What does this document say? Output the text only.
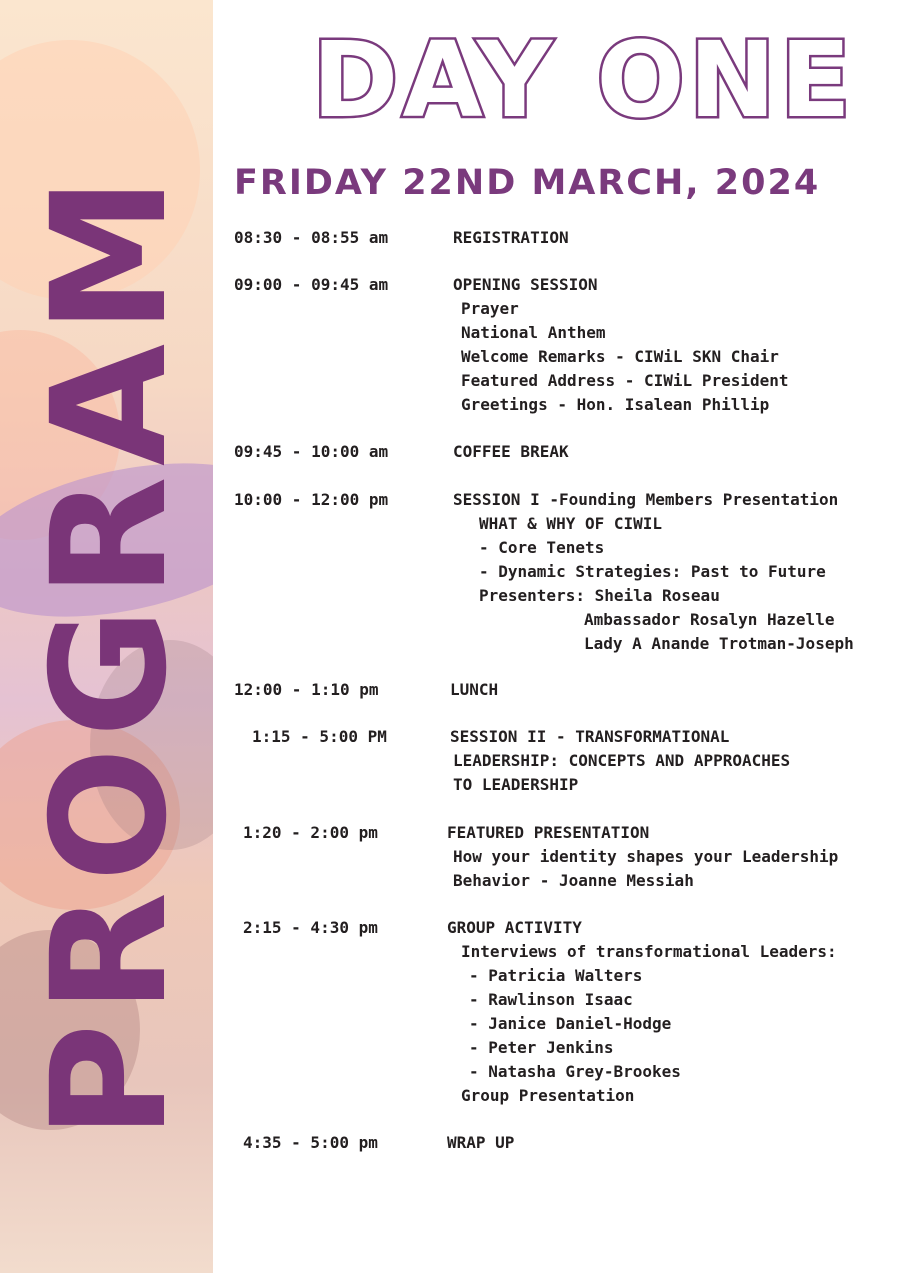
PROGRAM
DAY ONE
FRIDAY 22ND MARCH, 2024
08:30 - 08:55 am	REGISTRATION
09:00 - 09:45 am	OPENING SESSION
Prayer
National Anthem
Welcome Remarks - CIWiL SKN Chair
Featured Address - CIWiL President
Greetings - Hon. Isalean Phillip
09:45 - 10:00 am	COFFEE BREAK
10:00 - 12:00 pm	SESSION I -Founding Members Presentation
WHAT & WHY OF CIWIL
- Core Tenets
- Dynamic Strategies: Past to Future
Presenters: Sheila Roseau
Ambassador Rosalyn Hazelle
Lady A Anande Trotman-Joseph
12:00 - 1:10 pm	LUNCH
1:15 - 5:00 PM	SESSION II - TRANSFORMATIONAL
LEADERSHIP: CONCEPTS AND APPROACHES
TO LEADERSHIP
1:20 - 2:00 pm	FEATURED PRESENTATION
How your identity shapes your Leadership
Behavior - Joanne Messiah
2:15 - 4:30 pm	GROUP ACTIVITY
Interviews of transformational Leaders:
- Patricia Walters
- Rawlinson Isaac
- Janice Daniel-Hodge
- Peter Jenkins
- Natasha Grey-Brookes
Group Presentation
4:35 - 5:00 pm	WRAP UP
